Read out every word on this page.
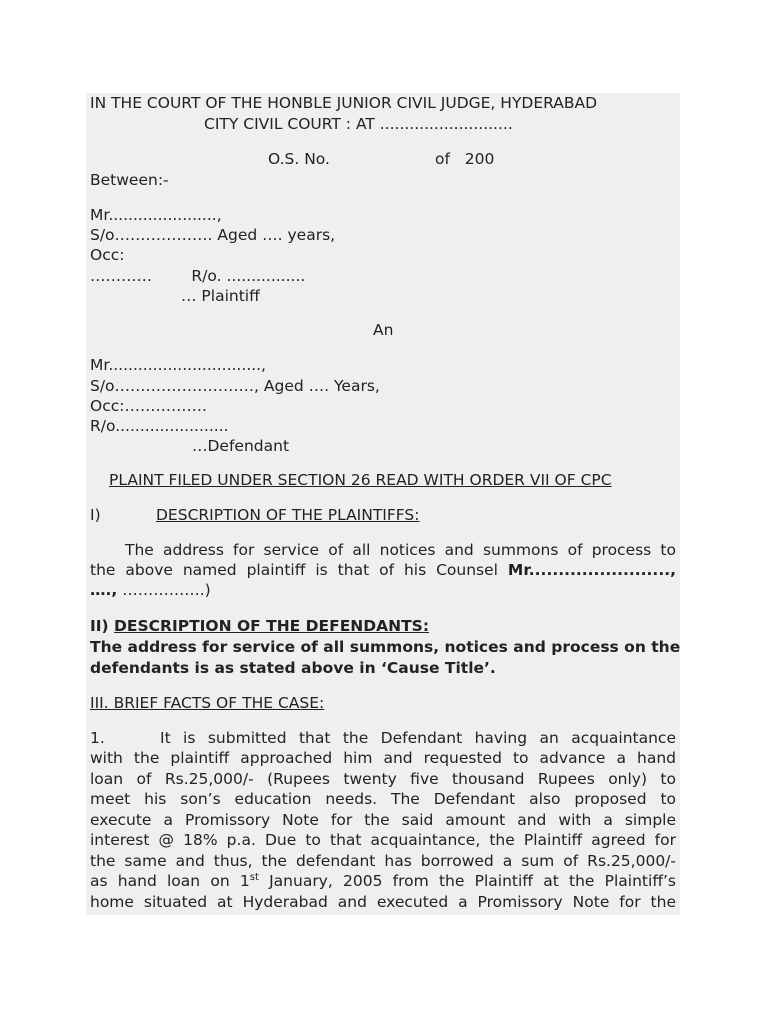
IN THE COURT OF THE HONBLE JUNIOR CIVIL JUDGE, HYDERABAD
CITY CIVIL COURT : AT ...........................
O.S. No.	of   200
Between:-
Mr......................,
S/o………………. Aged …. years,
Occ:
…………        R/o. ................
… Plaintiff
An
Mr...............................,
S/o………………………, Aged …. Years,
Occ:…………….
R/o.......................
…Defendant
PLAINT FILED UNDER SECTION 26 READ WITH ORDER VII OF CPC
I)	DESCRIPTION OF THE PLAINTIFFS:
The address for service of all notices and summons of process to
the above named plaintiff is that of his Counsel Mr........................,
…., …………….)
II) DESCRIPTION OF THE DEFENDANTS:
The address for service of all summons, notices and process on the
defendants is as stated above in ‘Cause Title’.
III. BRIEF FACTS OF THE CASE:
1.	It is submitted that the Defendant having an acquaintance
with the plaintiff approached him and requested to advance a hand
loan of Rs.25,000/- (Rupees twenty five thousand Rupees only) to
meet his son’s education needs. The Defendant also proposed to
execute a Promissory Note for the said amount and with a simple
interest @ 18% p.a. Due to that acquaintance, the Plaintiff agreed for
the same and thus, the defendant has borrowed a sum of Rs.25,000/-
as hand loan on 1st January, 2005 from the Plaintiff at the Plaintiff’s
home situated at Hyderabad and executed a Promissory Note for the
